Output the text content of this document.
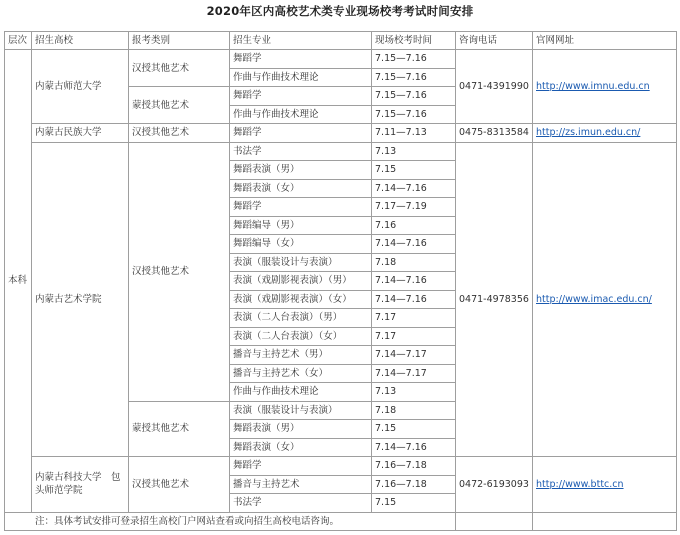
2020年区内高校艺术类专业现场校考考试时间安排
层次	招生高校	报考类别	招生专业	现场校考时间	咨询电话	官网网址
本科	内蒙古师范大学	汉授其他艺术	舞蹈学	7.15—7.16	0471-4391990	http://www.imnu.edu.cn
			作曲与作曲技术理论	7.15—7.16		
		蒙授其他艺术	舞蹈学	7.15—7.16		
			作曲与作曲技术理论	7.15—7.16		
	内蒙古民族大学	汉授其他艺术	舞蹈学	7.11—7.13	0475-8313584	http://zs.imun.edu.cn/
	内蒙古艺术学院	汉授其他艺术	书法学	7.13	0471-4978356	http://www.imac.edu.cn/
			舞蹈表演（男）	7.15		
			舞蹈表演（女）	7.14—7.16		
			舞蹈学	7.17—7.19		
			舞蹈编导（男）	7.16		
			舞蹈编导（女）	7.14—7.16		
			表演（服装设计与表演）	7.18		
			表演（戏剧影视表演）（男）	7.14—7.16		
			表演（戏剧影视表演）（女）	7.14—7.16		
			表演（二人台表演）（男）	7.17		
			表演（二人台表演）（女）	7.17		
			播音与主持艺术（男）	7.14—7.17		
			播音与主持艺术（女）	7.14—7.17		
			作曲与作曲技术理论	7.13		
		蒙授其他艺术	表演（服装设计与表演）	7.18		
			舞蹈表演（男）	7.15		
			舞蹈表演（女）	7.14—7.16		
	内蒙古科技大学　包头师范学院	汉授其他艺术	舞蹈学	7.16—7.18	0472-6193093	http://www.bttc.cn
			播音与主持艺术	7.16—7.18		
			书法学	7.15		
注：具体考试安排可登录招生高校门户网站查看或向招生高校电话咨询。						
